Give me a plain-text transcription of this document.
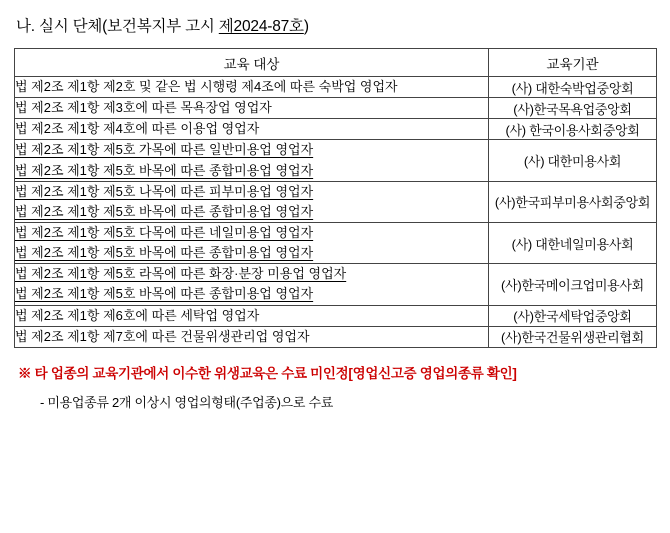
나. 실시 단체(보건복지부 고시 제2024-87호)
교육 대상	교육기관

법 제2조 제1항 제2호 및 같은 법 시행령 제4조에 따른 숙박업 영업자	(사) 대한숙박업중앙회

법 제2조 제1항 제3호에 따른 목욕장업 영업자	(사)한국목욕업중앙회

법 제2조 제1항 제4호에 따른 이용업 영업자	(사) 한국이용사회중앙회

법 제2조 제1항 제5호 가목에 따른 일반미용업 영업자
법 제2조 제1항 제5호 바목에 따른 종합미용업 영업자	(사) 대한미용사회

법 제2조 제1항 제5호 나목에 따른 피부미용업 영업자
법 제2조 제1항 제5호 바목에 따른 종합미용업 영업자	(사)한국피부미용사회중앙회

법 제2조 제1항 제5호 다목에 따른 네일미용업 영업자
법 제2조 제1항 제5호 바목에 따른 종합미용업 영업자	(사) 대한네일미용사회

법 제2조 제1항 제5호 라목에 따른 화장·분장 미용업 영업자
법 제2조 제1항 제5호 바목에 따른 종합미용업 영업자	(사)한국메이크업미용사회

법 제2조 제1항 제6호에 따른 세탁업 영업자	(사)한국세탁업중앙회

법 제2조 제1항 제7호에 따른 건물위생관리업 영업자	(사)한국건물위생관리협회
※ 타 업종의 교육기관에서 이수한 위생교육은 수료 미인정[영업신고증 영업의종류 확인]
- 미용업종류 2개 이상시 영업의형태(주업종)으로 수료
